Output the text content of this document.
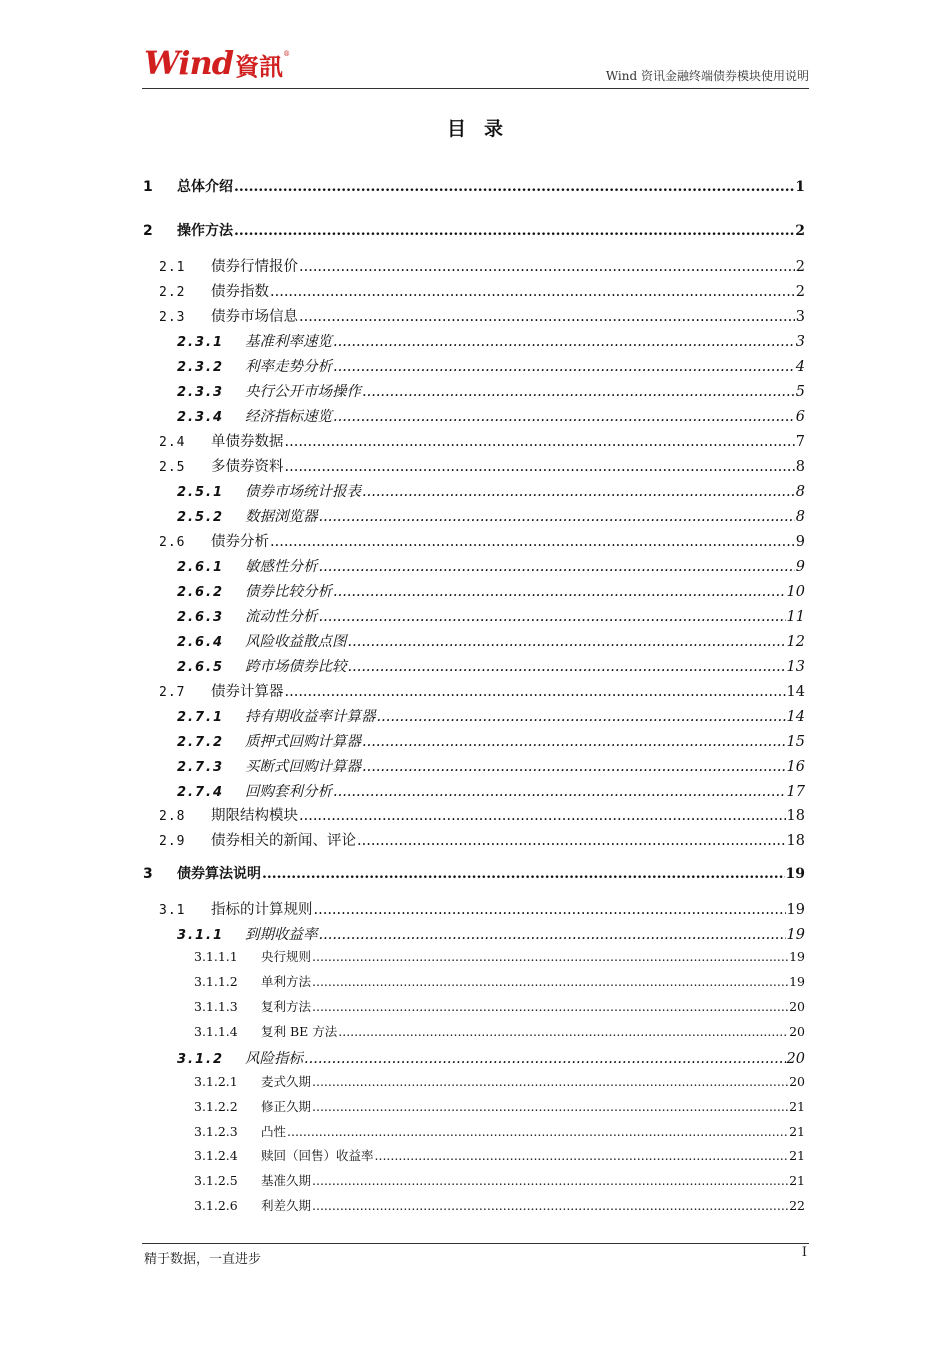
Wind 資訊 ®
Wind 资讯金融终端债券模块使用说明
目录
1	总体介绍 .....	1
2	操作方法 .....	2
2.1	债券行情报价 .....	2
2.2	债券指数 .....	2
2.3	债券市场信息 .....	3
2.3.1	基准利率速览 .....	3
2.3.2	利率走势分析 .....	4
2.3.3	央行公开市场操作 .....	5
2.3.4	经济指标速览 .....	6
2.4	单债券数据 .....	7
2.5	多债券资料 .....	8
2.5.1	债券市场统计报表 .....	8
2.5.2	数据浏览器 .....	8
2.6	债券分析 .....	9
2.6.1	敏感性分析 .....	9
2.6.2	债券比较分析 .....	10
2.6.3	流动性分析 .....	11
2.6.4	风险收益散点图 .....	12
2.6.5	跨市场债券比较 .....	13
2.7	债券计算器 .....	14
2.7.1	持有期收益率计算器 .....	14
2.7.2	质押式回购计算器 .....	15
2.7.3	买断式回购计算器 .....	16
2.7.4	回购套利分析 .....	17
2.8	期限结构模块 .....	18
2.9	债券相关的新闻、评论 .....	18
3	债券算法说明 .....	19
3.1	指标的计算规则 .....	19
3.1.1	到期收益率 .....	19
3.1.1.1	央行规则 .....	19
3.1.1.2	单利方法 .....	19
3.1.1.3	复利方法 .....	20
3.1.1.4	复利 BE 方法 .....	20
3.1.2	风险指标 .....	20
3.1.2.1	麦式久期 .....	20
3.1.2.2	修正久期 .....	21
3.1.2.3	凸性 .....	21
3.1.2.4	赎回（回售）收益率 .....	21
3.1.2.5	基准久期 .....	21
3.1.2.6	利差久期 .....	22
精于数据，一直进步	I
